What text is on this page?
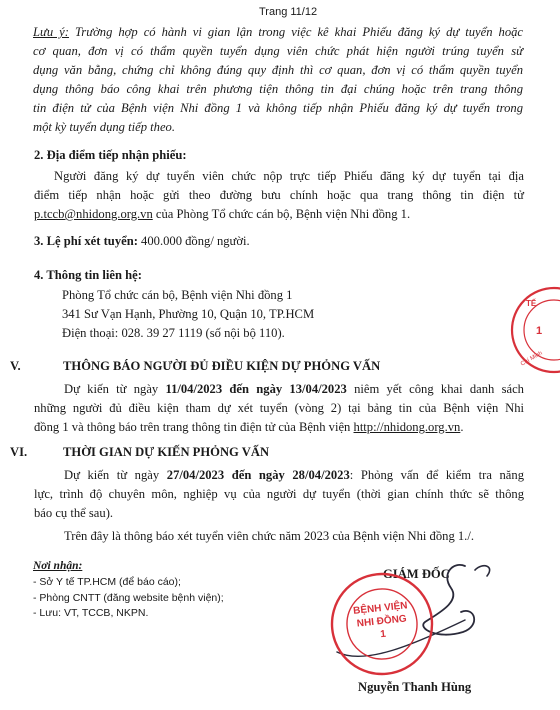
Trang 11/12
Lưu ý: Trường hợp có hành vi gian lận trong việc kê khai Phiếu đăng ký dự tuyển hoặc
cơ quan, đơn vị có thẩm quyền tuyển dụng viên chức phát hiện người trúng tuyển sử
dụng văn bằng, chứng chỉ không đúng quy định thì cơ quan, đơn vị có thẩm quyền tuyển
dụng thông báo công khai trên phương tiện thông tin đại chúng hoặc trên trang thông
tin điện tử của Bệnh viện Nhi đồng 1 và không tiếp nhận Phiếu đăng ký dự tuyển trong
một kỳ tuyển dụng tiếp theo.
2. Địa điểm tiếp nhận phiếu:
Người đăng ký dự tuyển viên chức nộp trực tiếp Phiếu đăng ký dự tuyển tại địa
điểm tiếp nhận hoặc gửi theo đường bưu chính hoặc qua trang thông tin điện tử
p.tccb@nhidong.org.vn của Phòng Tổ chức cán bộ, Bệnh viện Nhi đồng 1.
3. Lệ phí xét tuyển: 400.000 đồng/ người.
4. Thông tin liên hệ:
Phòng Tổ chức cán bộ, Bệnh viện Nhi đồng 1
341 Sư Vạn Hạnh, Phường 10, Quận 10, TP.HCM
Điện thoại: 028. 39 27 1119 (số nội bộ 110).
V.	THÔNG BÁO NGƯỜI ĐỦ ĐIỀU KIỆN DỰ PHỎNG VẤN
Dự kiến từ ngày 11/04/2023 đến ngày 13/04/2023 niêm yết công khai danh sách
những người đủ điều kiện tham dự xét tuyển (vòng 2) tại bảng tin của Bệnh viện Nhi
đồng 1 và thông báo trên trang thông tin điện tử của Bệnh viện http://nhidong.org.vn.
VI.	THỜI GIAN DỰ KIẾN PHỎNG VẤN
Dự kiến từ ngày 27/04/2023 đến ngày 28/04/2023: Phỏng vấn để kiểm tra năng
lực, trình độ chuyên môn, nghiệp vụ của người dự tuyển (thời gian chính thức sẽ thông
báo cụ thể sau).
Trên đây là thông báo xét tuyển viên chức năm 2023 của Bệnh viện Nhi đồng 1./.
Nơi nhận:
- Sở Y tế TP.HCM (để báo cáo);
- Phòng CNTT (đăng website bệnh viện);
- Lưu: VT, TCCB, NKPN.
GIÁM ĐỐC
BỆNH VIỆN
NHI ĐỒNG
1
TẾ
1
Chí Minh
Nguyễn Thanh Hùng
